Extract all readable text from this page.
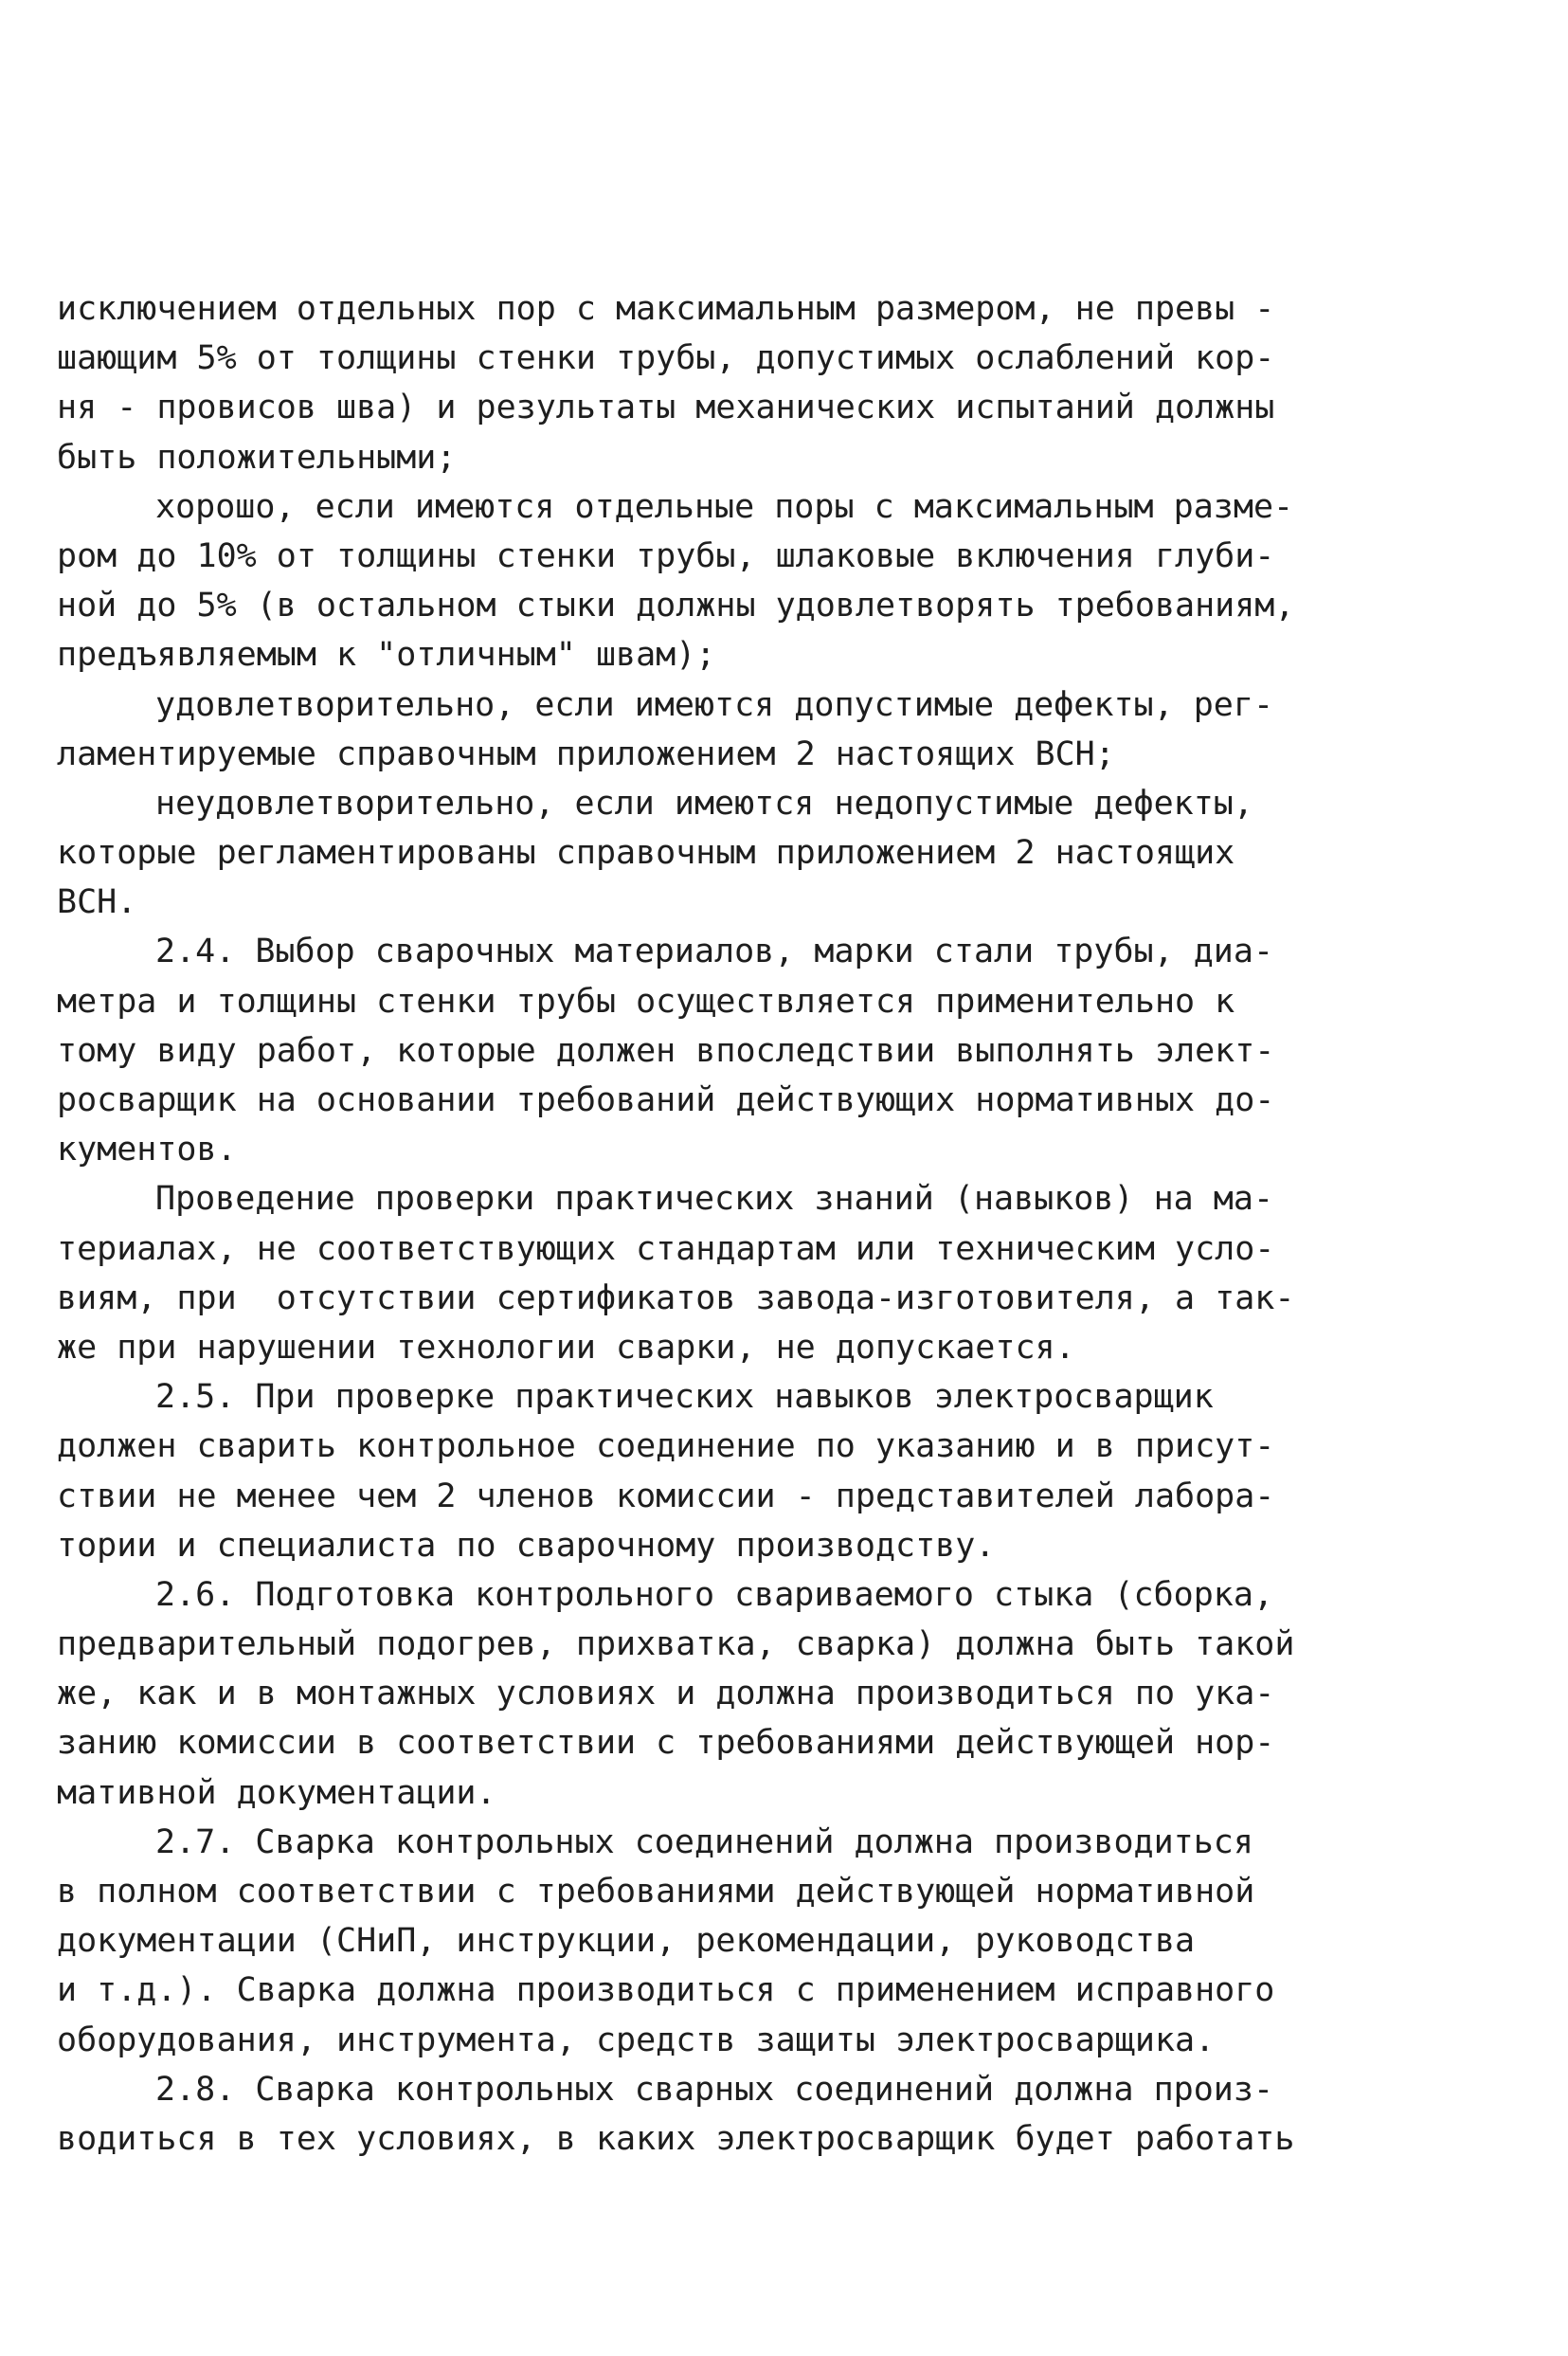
исключением отдельных пор с максимальным размером, не превы -
шающим 5% от толщины стенки трубы, допустимых ослаблений кор-
ня - провисов шва) и результаты механических испытаний должны
быть положительными;
хорошо, если имеются отдельные поры с максимальным разме-
ром до 10% от толщины стенки трубы, шлаковые включения глуби-
ной до 5% (в остальном стыки должны удовлетворять требованиям,
предъявляемым к "отличным" швам);
удовлетворительно, если имеются допустимые дефекты, рег-
ламентируемые справочным приложением 2 настоящих ВСН;
неудовлетворительно, если имеются недопустимые дефекты,
которые регламентированы справочным приложением 2 настоящих
ВСН.
2.4. Выбор сварочных материалов, марки стали трубы, диа-
метра и толщины стенки трубы осуществляется применительно к
тому виду работ, которые должен впоследствии выполнять элект-
росварщик на основании требований действующих нормативных до-
кументов.
Проведение проверки практических знаний (навыков) на ма-
териалах, не соответствующих стандартам или техническим усло-
виям, при  отсутствии сертификатов завода-изготовителя, а так-
же при нарушении технологии сварки, не допускается.
2.5. При проверке практических навыков электросварщик
должен сварить контрольное соединение по указанию и в присут-
ствии не менее чем 2 членов комиссии - представителей лабора-
тории и специалиста по сварочному производству.
2.6. Подготовка контрольного свариваемого стыка (сборка,
предварительный подогрев, прихватка, сварка) должна быть такой
же, как и в монтажных условиях и должна производиться по ука-
занию комиссии в соответствии с требованиями действующей нор-
мативной документации.
2.7. Сварка контрольных соединений должна производиться
в полном соответствии с требованиями действующей нормативной
документации (СНиП, инструкции, рекомендации, руководства
и т.д.). Сварка должна производиться с применением исправного
оборудования, инструмента, средств защиты электросварщика.
2.8. Сварка контрольных сварных соединений должна произ-
водиться в тех условиях, в каких электросварщик будет работать
